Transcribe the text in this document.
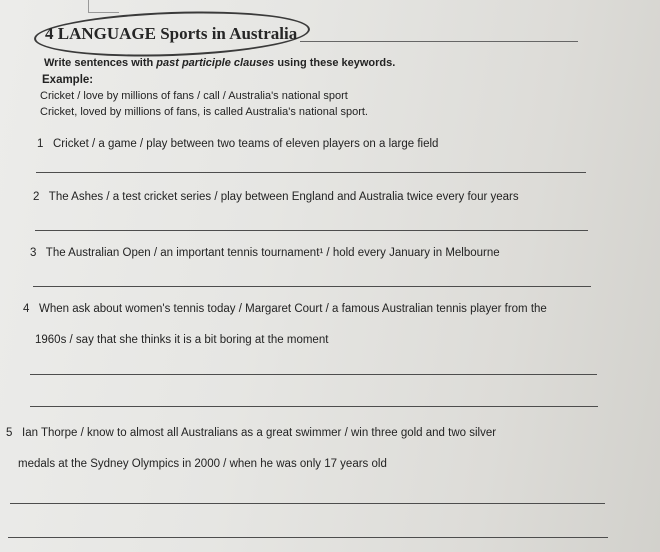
4 LANGUAGE Sports in Australia
Write sentences with past participle clauses using these keywords.
Example:
Cricket / love by millions of fans / call / Australia's national sport
Cricket, loved by millions of fans, is called Australia's national sport.
1 Cricket / a game / play between two teams of eleven players on a large field
2 The Ashes / a test cricket series / play between England and Australia twice every four years
3 The Australian Open / an important tennis tournament¹ / hold every January in Melbourne
4 When ask about women's tennis today / Margaret Court / a famous Australian tennis player from the
1960s / say that she thinks it is a bit boring at the moment
5 Ian Thorpe / know to almost all Australians as a great swimmer / win three gold and two silver
medals at the Sydney Olympics in 2000 / when he was only 17 years old
